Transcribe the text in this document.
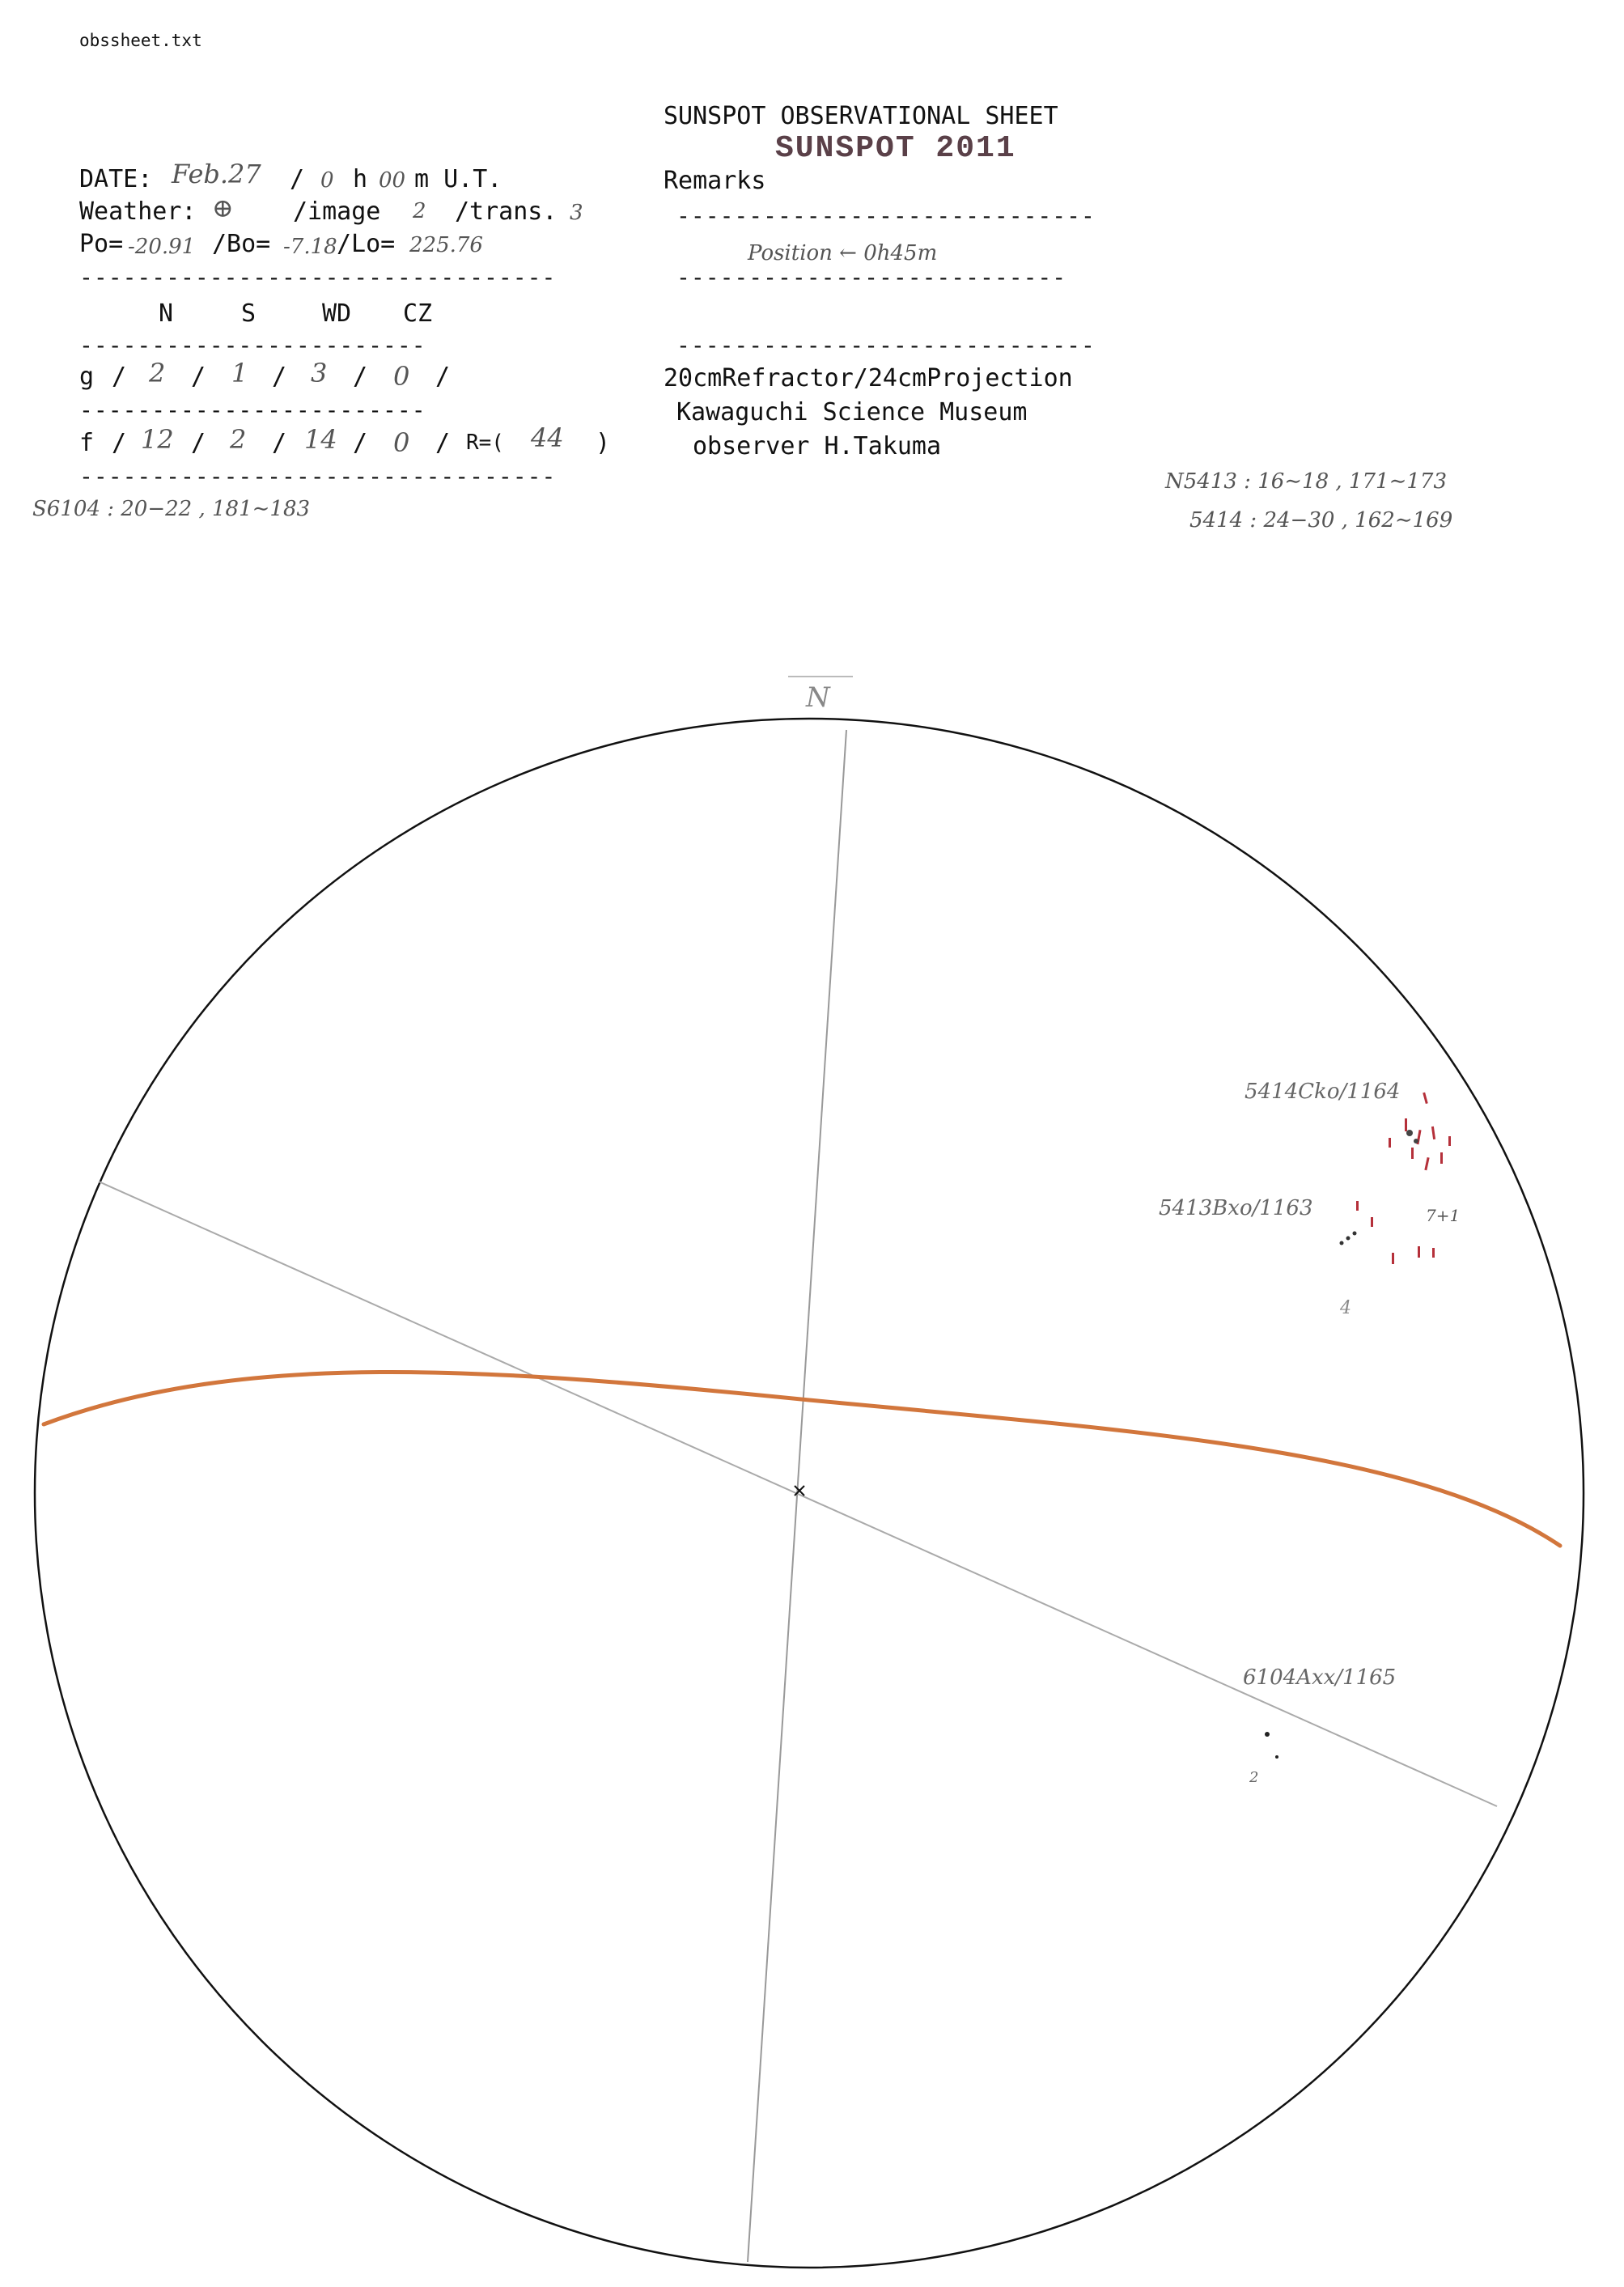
obssheet.txt
SUNSPOT OBSERVATIONAL SHEET
SUNSPOT 2011
DATE: Feb.27 / 0 h 00 m U.T.	Remarks
Weather: ⊕ /image 2 /trans. 3	-----------------------------
Po= -20.91 /Bo= -7.18 /Lo= 225.76	Position ← 0h45m
---------------------------------	---------------------------
N	S	WD CZ
------------------------	-----------------------------
g / 2 / 1 / 3 / 0 /	20cmRefractor/24cmProjection
------------------------	Kawaguchi Science Museum
f / 12 / 2 / 14 / 0 / R=( 44 )	observer H.Takuma
---------------------------------	N5413 : 16∼18 , 171∼173
S6104 : 20−22 , 181∼183	5414 : 24−30 , 162∼169
N
5414Cko/1164
5413Bxo/1163	7+1
4
6104Axx/1165
2
